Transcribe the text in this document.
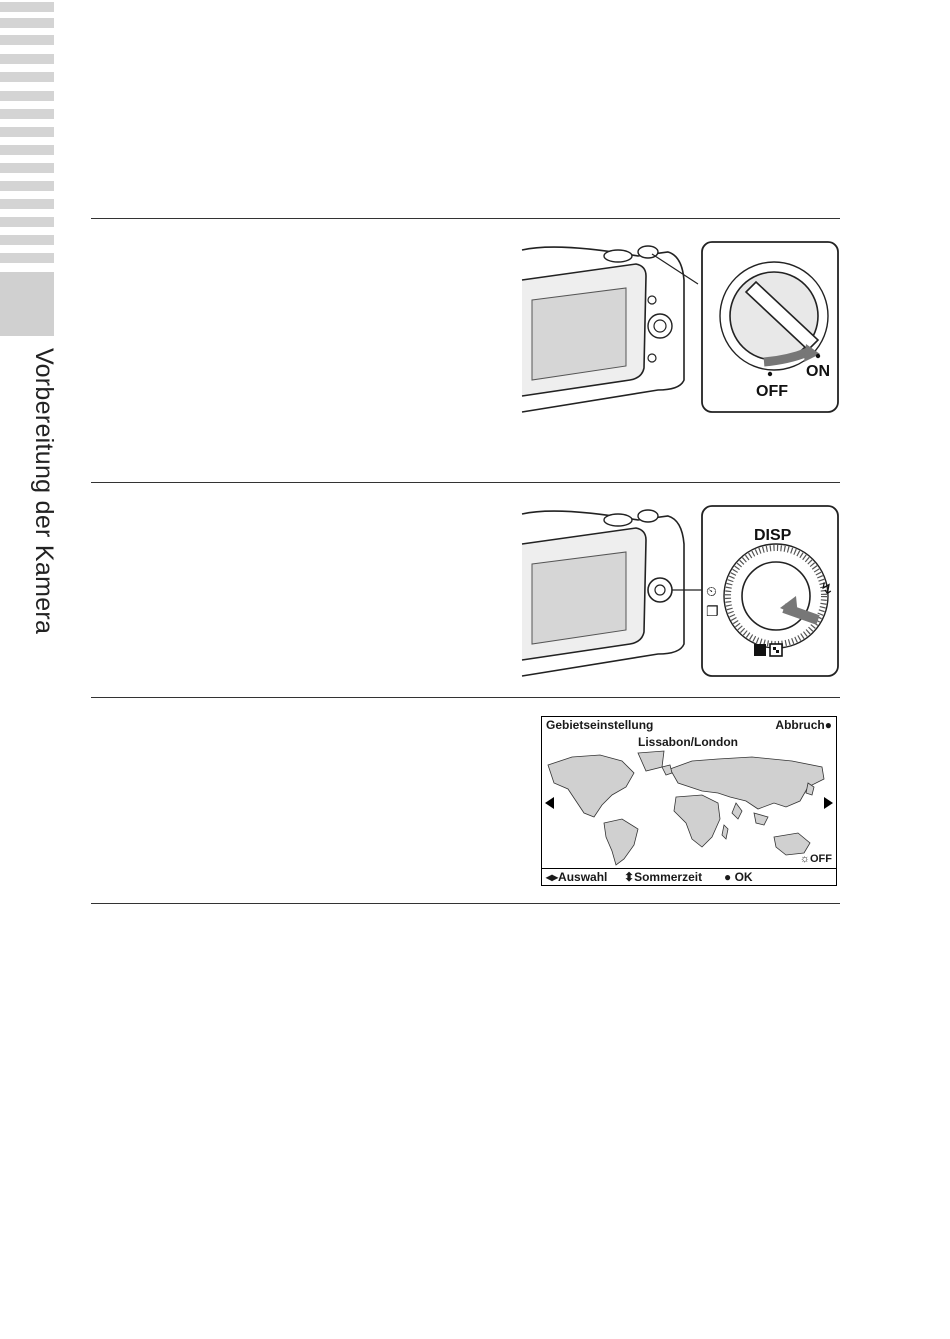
Vorbereitung der Kamera	OFF
ON
DISP
⏲
❐
↯
Gebietseinstellung	Abbruch●
Lissabon/London
☼OFF
◂▸Auswahl ⬍Sommerzeit ● OK
